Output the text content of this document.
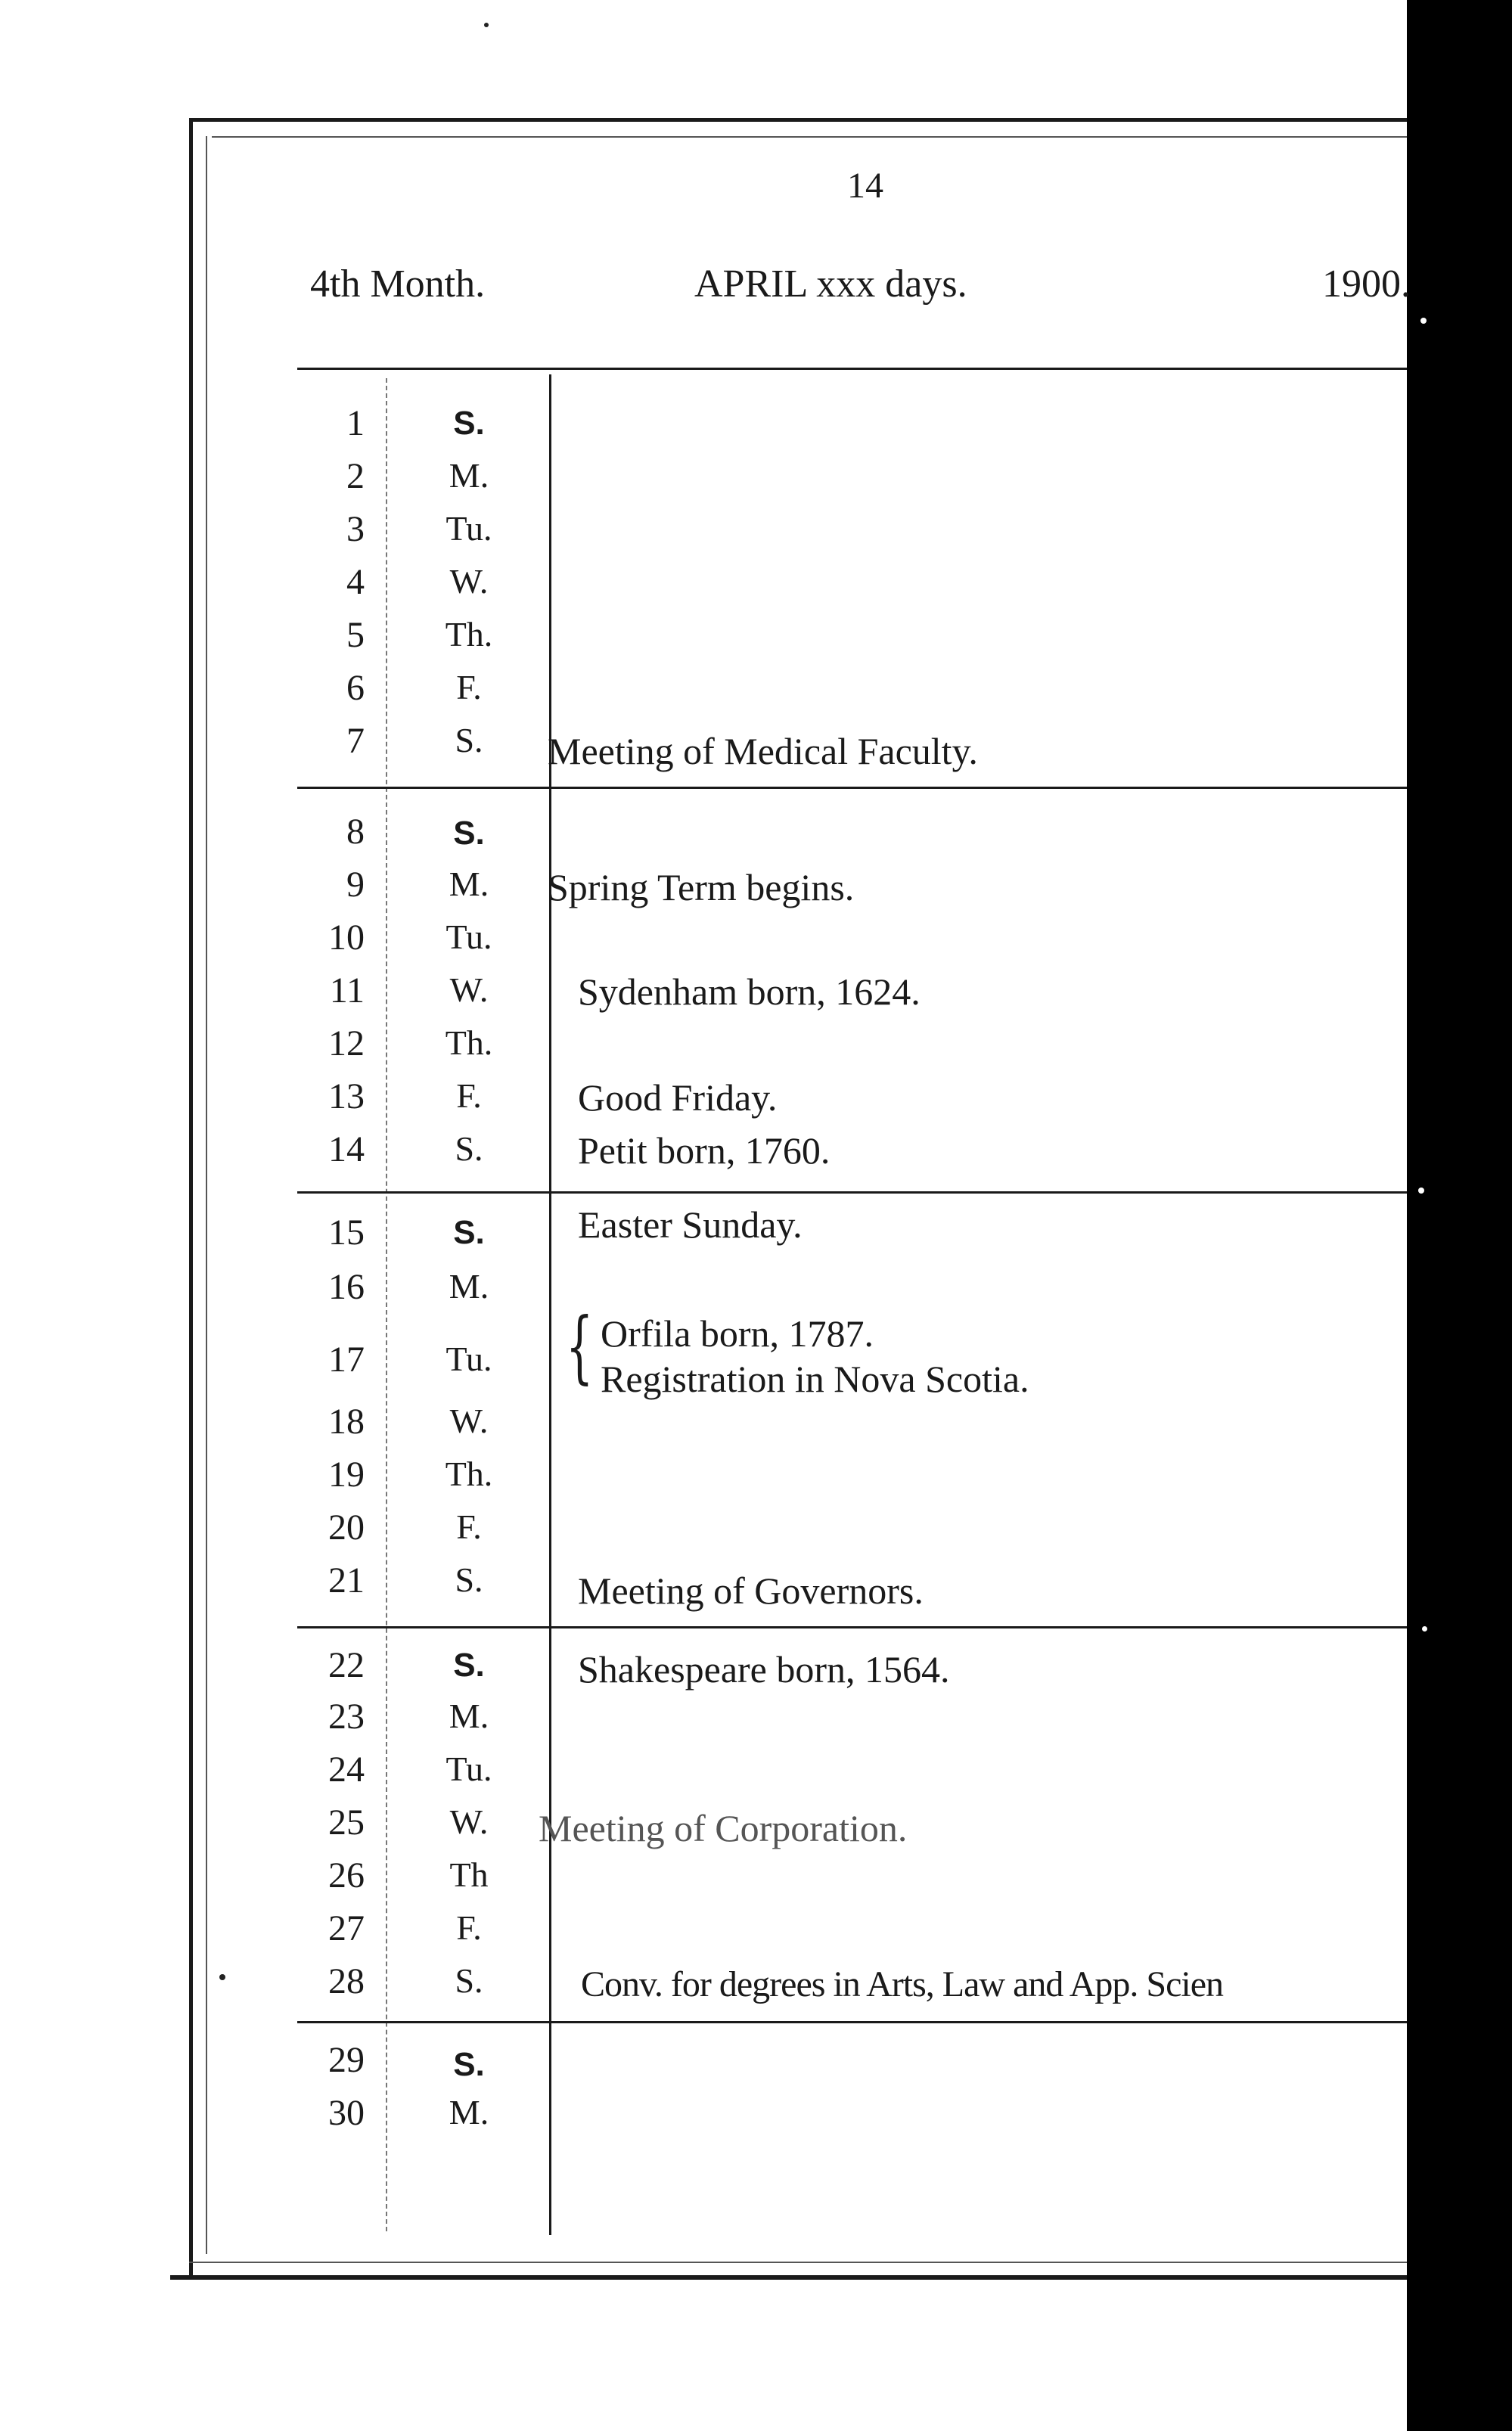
14
4th Month.	APRIL xxx days.	1900.
1	S.
2	M.
3	Tu.
4	W.
5	Th.
6	F.
7	S.	Meeting of Medical Faculty.
8	S.
9	M.	Spring Term begins.
10	Tu.
11	W.	Sydenham born, 1624.
12	Th.
13	F.	Good Friday.
14	S.	Petit born, 1760.
15	S.	Easter Sunday.
16	M.
17	Tu. { Orfila born, 1787.
Registration in Nova Scotia.
18	W.
19	Th.
20	F.
21	S.	Meeting of Governors.
22	S.	Shakespeare born, 1564.
23	M.
24	Tu.
25	W.	Meeting of Corporation.
26	Th
27	F.
28	S.	Conv. for degrees in Arts, Law and App. Scien
29	S.
30	M.
